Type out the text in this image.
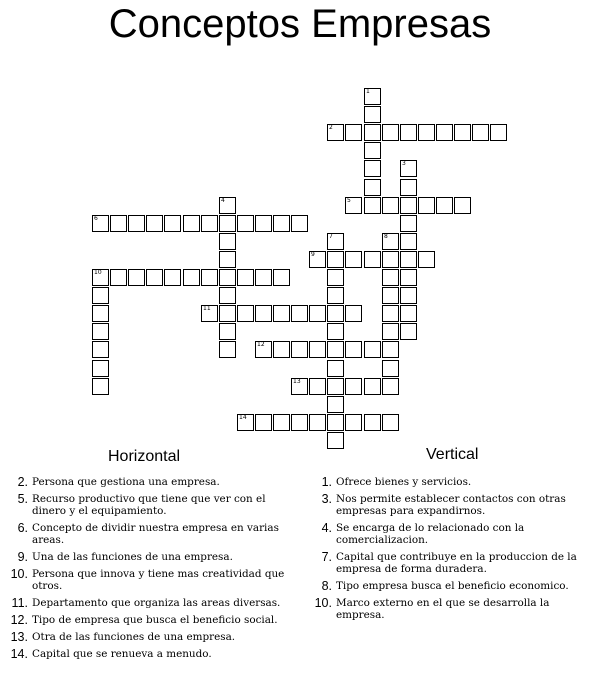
Conceptos Empresas
1
2
3
4	5
6
7	8
9
10
11
12
13
14
Horizontal	Vertical
2. Persona que gestiona una empresa.
5. Recurso productivo que tiene que ver con el dinero y el equipamiento.
6. Concepto de dividir nuestra empresa en varias areas.
9. Una de las funciones de una empresa.
10. Persona que innova y tiene mas creatividad que otros.
11. Departamento que organiza las areas diversas.
12. Tipo de empresa que busca el beneficio social.
13. Otra de las funciones de una empresa.
14. Capital que se renueva a menudo.
1. Ofrece bienes y servicios.
3. Nos permite establecer contactos con otras empresas para expandirnos.
4. Se encarga de lo relacionado con la comercializacion.
7. Capital que contribuye en la produccion de la empresa de forma duradera.
8. Tipo empresa busca el beneficio economico.
10. Marco externo en el que se desarrolla la empresa.
